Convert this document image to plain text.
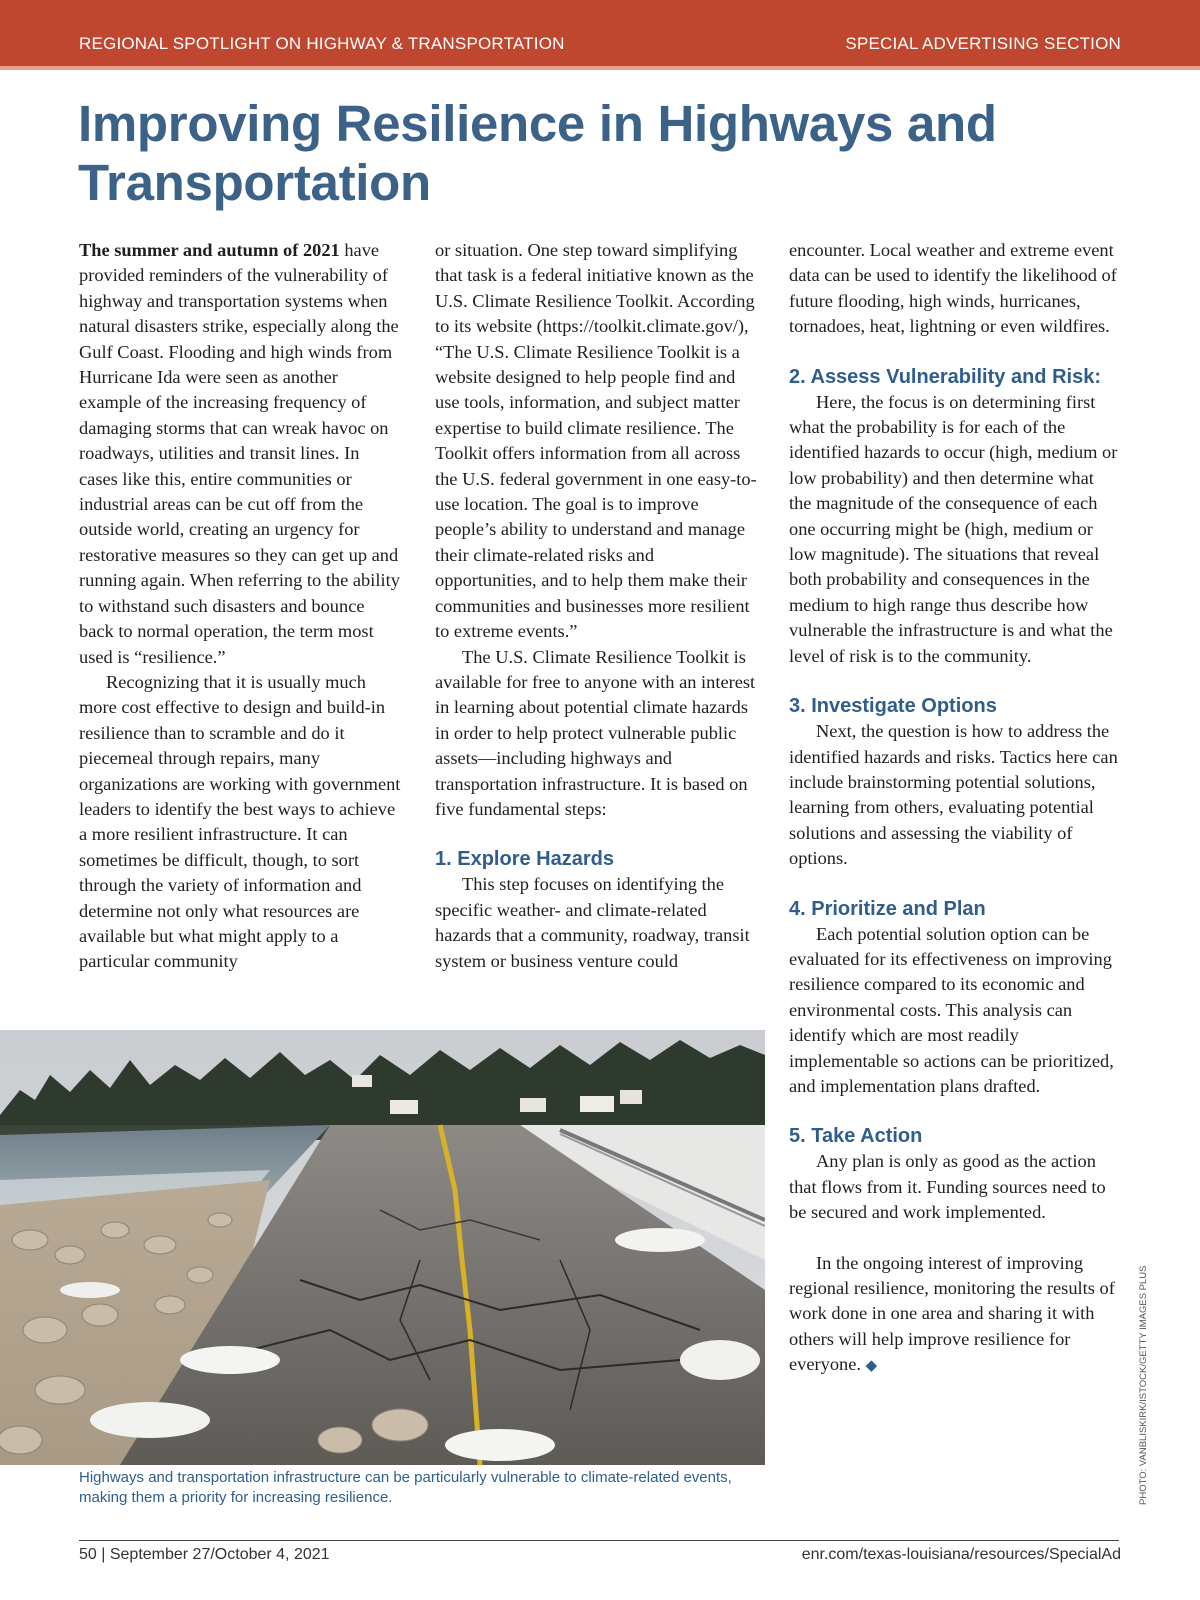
REGIONAL SPOTLIGHT ON HIGHWAY & TRANSPORTATION	SPECIAL ADVERTISING SECTION
Improving Resilience in Highways and Transportation

The summer and autumn of 2021 have provided reminders of the vulnerability of highway and transportation systems when natural disasters strike, especially along the Gulf Coast. Flooding and high winds from Hurricane Ida were seen as another example of the increasing frequency of damaging storms that can wreak havoc on roadways, utilities and transit lines. In cases like this, entire communities or industrial areas can be cut off from the outside world, creating an urgency for restorative measures so they can get up and running again. When referring to the ability to withstand such disasters and bounce back to normal operation, the term most used is “resilience.”

Recognizing that it is usually much more cost effective to design and build-in resilience than to scramble and do it piecemeal through repairs, many organizations are working with government leaders to identify the best ways to achieve a more resilient infrastructure. It can sometimes be difficult, though, to sort through the variety of information and determine not only what resources are available but what might apply to a particular community

or situation. One step toward simplifying that task is a federal initiative known as the U.S. Climate Resilience Toolkit. According to its website (https://toolkit.climate.gov/), “The U.S. Climate Resilience Toolkit is a website designed to help people find and use tools, information, and subject matter expertise to build climate resilience. The Toolkit offers information from all across the U.S. federal government in one easy-to-use location. The goal is to improve people’s ability to understand and manage their climate-related risks and opportunities, and to help them make their communities and businesses more resilient to extreme events.”

The U.S. Climate Resilience Toolkit is available for free to anyone with an interest in learning about potential climate hazards in order to help protect vulnerable public assets—including highways and transportation infrastructure. It is based on five fundamental steps:

1. Explore Hazards

This step focuses on identifying the specific weather- and climate-related hazards that a community, roadway, transit system or business venture could

encounter. Local weather and extreme event data can be used to identify the likelihood of future flooding, high winds, hurricanes, tornadoes, heat, lightning or even wildfires.

2. Assess Vulnerability and Risk:

Here, the focus is on determining first what the probability is for each of the identified hazards to occur (high, medium or low probability) and then determine what the magnitude of the consequence of each one occurring might be (high, medium or low magnitude). The situations that reveal both probability and consequences in the medium to high range thus describe how vulnerable the infrastructure is and what the level of risk is to the community.

3. Investigate Options

Next, the question is how to address the identified hazards and risks. Tactics here can include brainstorming potential solutions, learning from others, evaluating potential solutions and assessing the viability of options.

4. Prioritize and Plan

Each potential solution option can be evaluated for its effectiveness on improving resilience compared to its economic and environmental costs. This analysis can identify which are most readily implementable so actions can be prioritized, and implementation plans drafted.

5. Take Action

Any plan is only as good as the action that flows from it. Funding sources need to be secured and work implemented.

In the ongoing interest of improving regional resilience, monitoring the results of work done in one area and sharing it with others will help improve resilience for everyone. ◆

Highways and transportation infrastructure can be particularly vulnerable to climate-related events, making them a priority for increasing resilience.	PHOTO: VANBLISKIRK/ISTOCK/GETTY IMAGES PLUS
50 | September 27/October 4, 2021	enr.com/texas-louisiana/resources/SpecialAd
